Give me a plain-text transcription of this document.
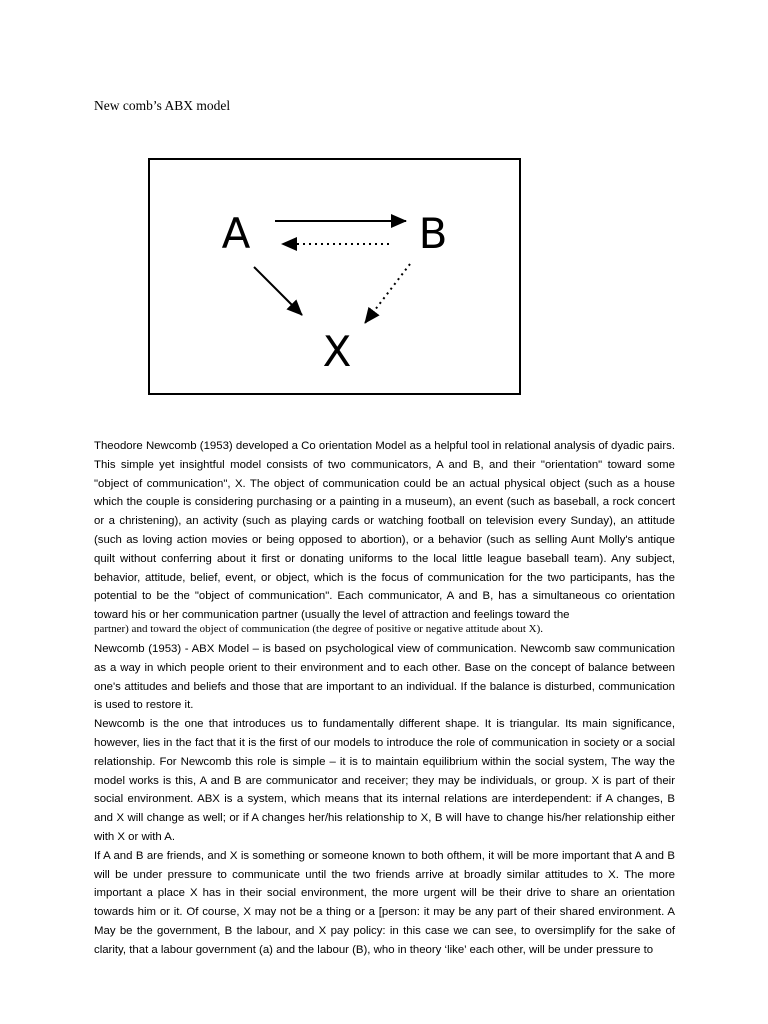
New comb’s ABX model
A	B
X

Theodore Newcomb (1953) developed a Co orientation Model as a helpful tool in relational analysis of dyadic pairs. This simple yet insightful model consists of two communicators, A and B, and their "orientation" toward some "object of communication", X. The object of communication could be an actual physical object (such as a house which the couple is considering purchasing or a painting in a museum), an event (such as baseball, a rock concert or a christening), an activity (such as playing cards or watching football on television every Sunday), an attitude (such as loving action movies or being opposed to abortion), or a behavior (such as selling Aunt Molly's antique quilt without conferring about it first or donating uniforms to the local little league baseball team). Any subject, behavior, attitude, belief, event, or object, which is the focus of communication for the two participants, has the potential to be the "object of communication". Each communicator, A and B, has a simultaneous co orientation toward his or her communication partner (usually the level of attraction and feelings toward the

partner) and toward the object of communication (the degree of positive or negative attitude about X).

Newcomb (1953) - ABX Model – is based on psychological view of communication. Newcomb saw communication as a way in which people orient to their environment and to each other. Base on the concept of balance between one's attitudes and beliefs and those that are important to an individual. If the balance is disturbed, communication is used to restore it.

Newcomb is the one that introduces us to fundamentally different shape. It is triangular. Its main significance, however, lies in the fact that it is the first of our models to introduce the role of communication in society or a social relationship. For Newcomb this role is simple – it is to maintain equilibrium within the social system, The way the model works is this, A and B are communicator and receiver; they may be individuals, or group. X is part of their social environment. ABX is a system, which means that its internal relations are interdependent: if A changes, B and X will change as well; or if A changes her/his relationship to X, B will have to change his/her relationship either with X or with A.

If A and B are friends, and X is something or someone known to both ofthem, it will be more important that A and B will be under pressure to communicate until the two friends arrive at broadly similar attitudes to X. The more important a place X has in their social environment, the more urgent will be their drive to share an orientation towards him or it. Of course, X may not be a thing or a [person: it may be any part of their shared environment. A May be the government, B the labour, and X pay policy: in this case we can see, to oversimplify for the sake of clarity, that a labour government (a) and the labour (B), who in theory ‘like’ each other, will be under pressure to
